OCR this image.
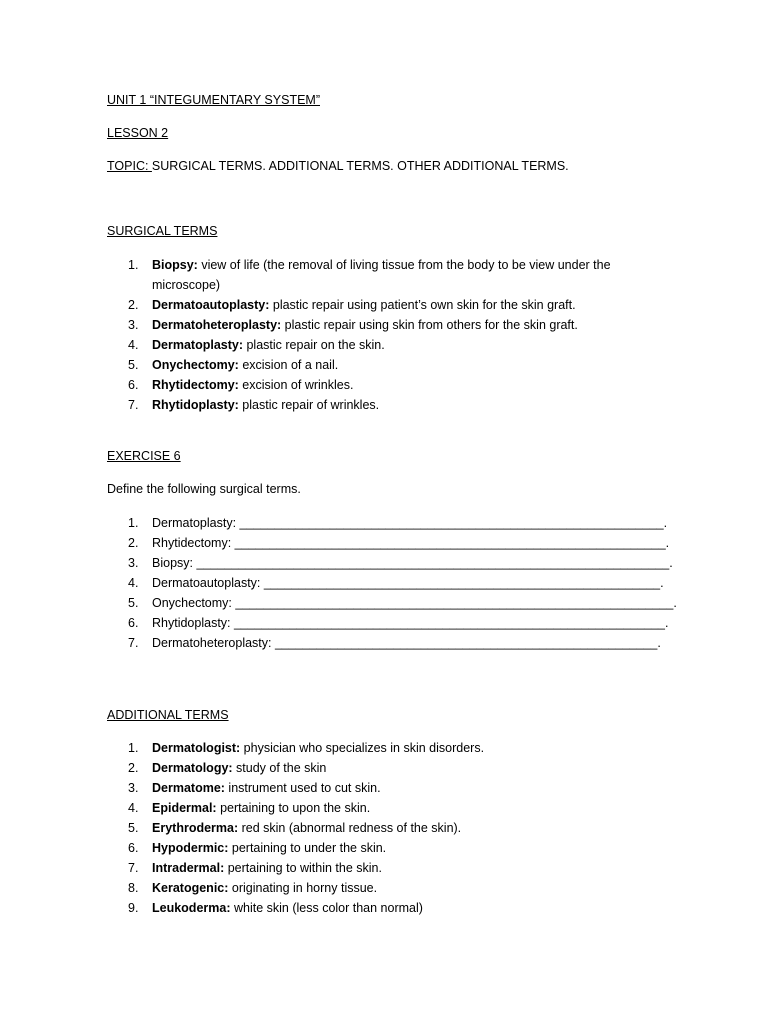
UNIT 1 “INTEGUMENTARY SYSTEM”
LESSON 2
TOPIC: SURGICAL TERMS. ADDITIONAL TERMS. OTHER ADDITIONAL TERMS.
SURGICAL TERMS
1. Biopsy: view of life (the removal of living tissue from the body to be view under the microscope)
2. Dermatoautoplasty: plastic repair using patient’s own skin for the skin graft.
3. Dermatoheteroplasty: plastic repair using skin from others for the skin graft.
4. Dermatoplasty: plastic repair on the skin.
5. Onychectomy: excision of a nail.
6. Rhytidectomy: excision of wrinkles.
7. Rhytidoplasty: plastic repair of wrinkles.
EXERCISE 6
Define the following surgical terms.
1. Dermatoplasty: _____________________________________________________________.
2. Rhytidectomy: ______________________________________________________________.
3. Biopsy: ____________________________________________________________________.
4. Dermatoautoplasty: _________________________________________________________.
5. Onychectomy: _______________________________________________________________.
6. Rhytidoplasty: ______________________________________________________________.
7. Dermatoheteroplasty: _______________________________________________________.
ADDITIONAL TERMS
1. Dermatologist: physician who specializes in skin disorders.
2. Dermatology: study of the skin
3. Dermatome: instrument used to cut skin.
4. Epidermal: pertaining to upon the skin.
5. Erythroderma: red skin (abnormal redness of the skin).
6. Hypodermic: pertaining to under the skin.
7. Intradermal: pertaining to within the skin.
8. Keratogenic: originating in horny tissue.
9. Leukoderma: white skin (less color than normal)
